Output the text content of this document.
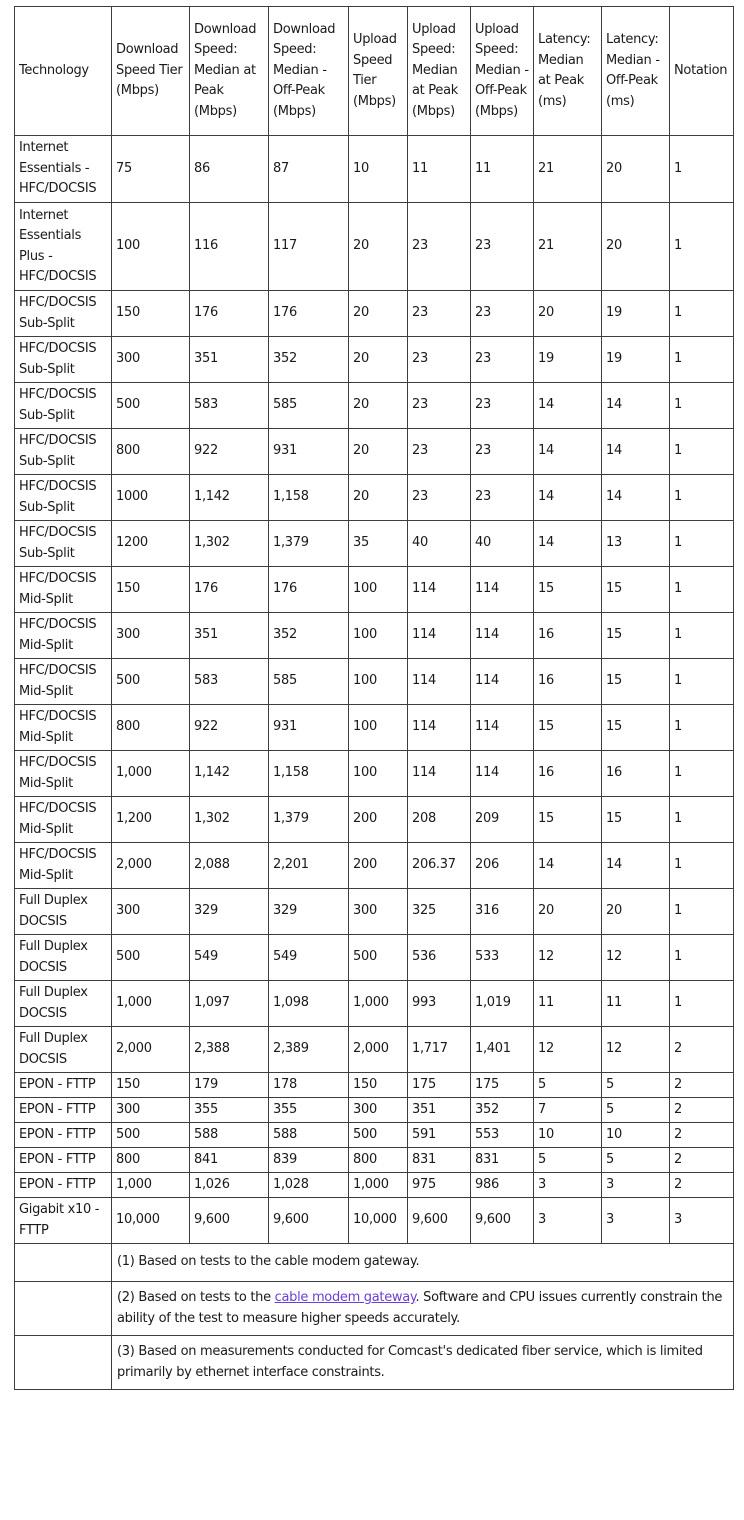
Technology	Download Speed Tier (Mbps)	Download Speed: Median at Peak (Mbps)	Download Speed: Median - Off-Peak (Mbps)	Upload Speed Tier (Mbps)	Upload Speed: Median at Peak (Mbps)	Upload Speed: Median - Off-Peak (Mbps)	Latency: Median at Peak (ms)	Latency: Median - Off-Peak (ms)	Notation
Internet Essentials - HFC/DOCSIS	75	86	87	10	11	11	21	20	1
Internet Essentials Plus - HFC/DOCSIS	100	116	117	20	23	23	21	20	1
HFC/DOCSIS Sub-Split	150	176	176	20	23	23	20	19	1
HFC/DOCSIS Sub-Split	300	351	352	20	23	23	19	19	1
HFC/DOCSIS Sub-Split	500	583	585	20	23	23	14	14	1
HFC/DOCSIS Sub-Split	800	922	931	20	23	23	14	14	1
HFC/DOCSIS Sub-Split	1000	1,142	1,158	20	23	23	14	14	1
HFC/DOCSIS Sub-Split	1200	1,302	1,379	35	40	40	14	13	1
HFC/DOCSIS Mid-Split	150	176	176	100	114	114	15	15	1
HFC/DOCSIS Mid-Split	300	351	352	100	114	114	16	15	1
HFC/DOCSIS Mid-Split	500	583	585	100	114	114	16	15	1
HFC/DOCSIS Mid-Split	800	922	931	100	114	114	15	15	1
HFC/DOCSIS Mid-Split	1,000	1,142	1,158	100	114	114	16	16	1
HFC/DOCSIS Mid-Split	1,200	1,302	1,379	200	208	209	15	15	1
HFC/DOCSIS Mid-Split	2,000	2,088	2,201	200	206.37	206	14	14	1
Full Duplex DOCSIS	300	329	329	300	325	316	20	20	1
Full Duplex DOCSIS	500	549	549	500	536	533	12	12	1
Full Duplex DOCSIS	1,000	1,097	1,098	1,000	993	1,019	11	11	1
Full Duplex DOCSIS	2,000	2,388	2,389	2,000	1,717	1,401	12	12	2
EPON - FTTP	150	179	178	150	175	175	5	5	2
EPON - FTTP	300	355	355	300	351	352	7	5	2
EPON - FTTP	500	588	588	500	591	553	10	10	2
EPON - FTTP	800	841	839	800	831	831	5	5	2
EPON - FTTP	1,000	1,026	1,028	1,000	975	986	3	3	2
Gigabit x10 - FTTP	10,000	9,600	9,600	10,000	9,600	9,600	3	3	3
	(1) Based on tests to the cable modem gateway.								
	(2) Based on tests to the cable modem gateway. Software and CPU issues currently constrain the ability of the test to measure higher speeds accurately.								
	(3) Based on measurements conducted for Comcast's dedicated fiber service, which is limited primarily by ethernet interface constraints.								
